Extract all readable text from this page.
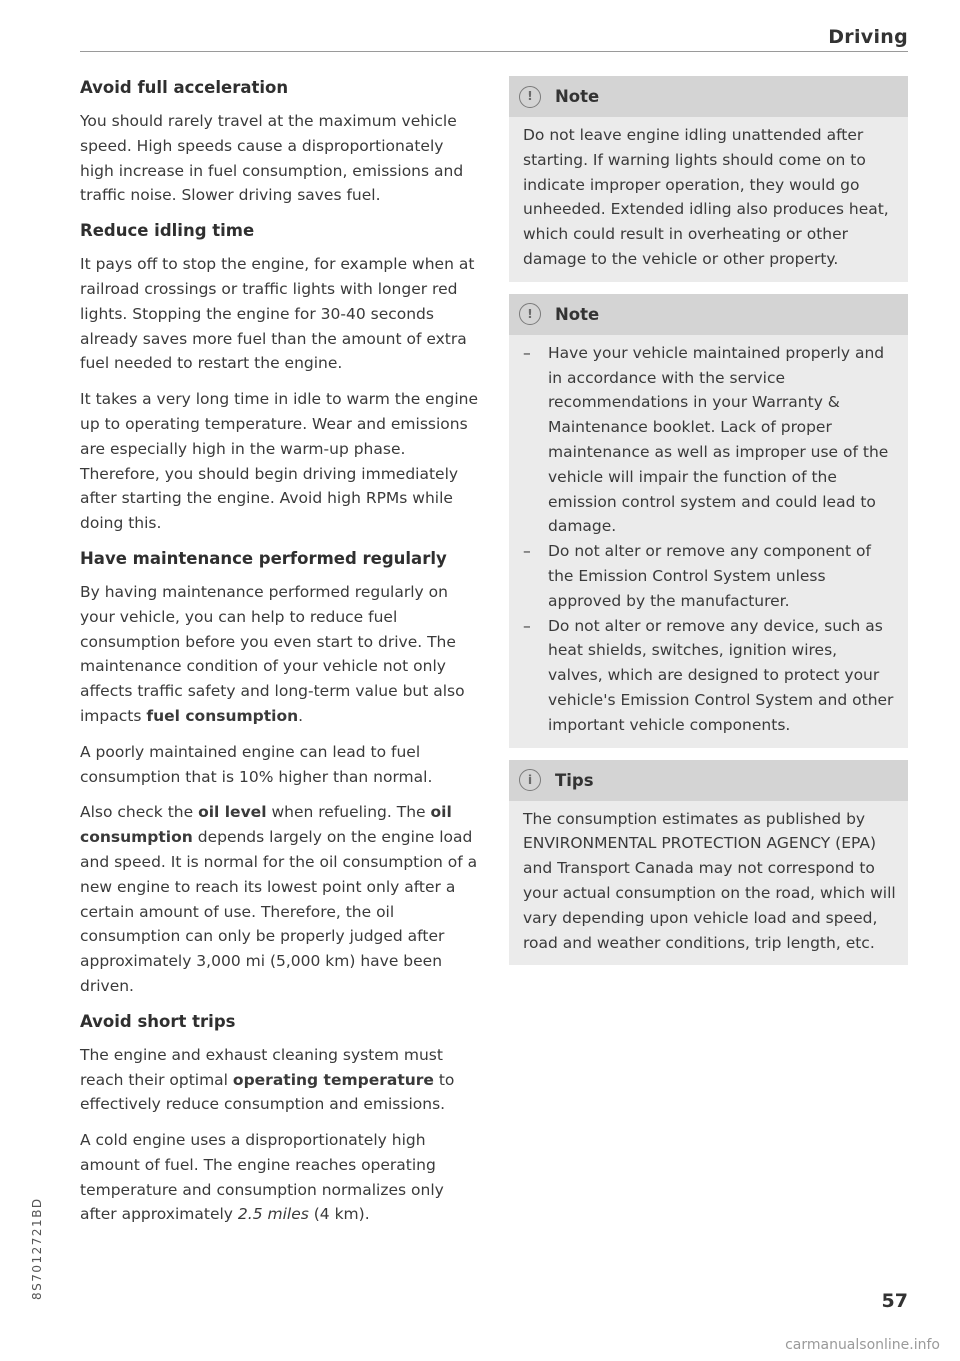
Driving
Avoid full acceleration

You should rarely travel at the maximum vehicle speed. High speeds cause a disproportionately high increase in fuel consumption, emissions and traffic noise. Slower driving saves fuel.

Reduce idling time

It pays off to stop the engine, for example when at railroad crossings or traffic lights with longer red lights. Stopping the engine for 30-40 seconds already saves more fuel than the amount of extra fuel needed to restart the engine.

It takes a very long time in idle to warm the engine up to operating temperature. Wear and emissions are especially high in the warm-up phase. Therefore, you should begin driving immediately after starting the engine. Avoid high RPMs while doing this.

Have maintenance performed regularly

By having maintenance performed regularly on your vehicle, you can help to reduce fuel consumption before you even start to drive. The maintenance condition of your vehicle not only affects traffic safety and long-term value but also impacts fuel consumption.

A poorly maintained engine can lead to fuel consumption that is 10% higher than normal.

Also check the oil level when refueling. The oil consumption depends largely on the engine load and speed. It is normal for the oil consumption of a new engine to reach its lowest point only after a certain amount of use. Therefore, the oil consumption can only be properly judged after approximately 3,000 mi (5,000 km) have been driven.

Avoid short trips

The engine and exhaust cleaning system must reach their optimal operating temperature to effectively reduce consumption and emissions.

A cold engine uses a disproportionately high amount of fuel. The engine reaches operating temperature and consumption normalizes only after approximately 2.5 miles (4 km).

!	Note

Do not leave engine idling unattended after starting. If warning lights should come on to indicate improper operation, they would go unheeded. Extended idling also produces heat, which could result in overheating or other damage to the vehicle or other property.

!	Note
– Have your vehicle maintained properly and in accordance with the service recommendations in your Warranty & Maintenance booklet. Lack of proper maintenance as well as improper use of the vehicle will impair the function of the emission control system and could lead to damage.
– Do not alter or remove any component of the Emission Control System unless approved by the manufacturer.
– Do not alter or remove any device, such as heat shields, switches, ignition wires, valves, which are designed to protect your vehicle's Emission Control System and other important vehicle components.
i	Tips

The consumption estimates as published by ENVIRONMENTAL PROTECTION AGENCY (EPA) and Transport Canada may not correspond to your actual consumption on the road, which will vary depending upon vehicle load and speed, road and weather conditions, trip length, etc.

8S7012721BD
57
carmanualsonline.info
